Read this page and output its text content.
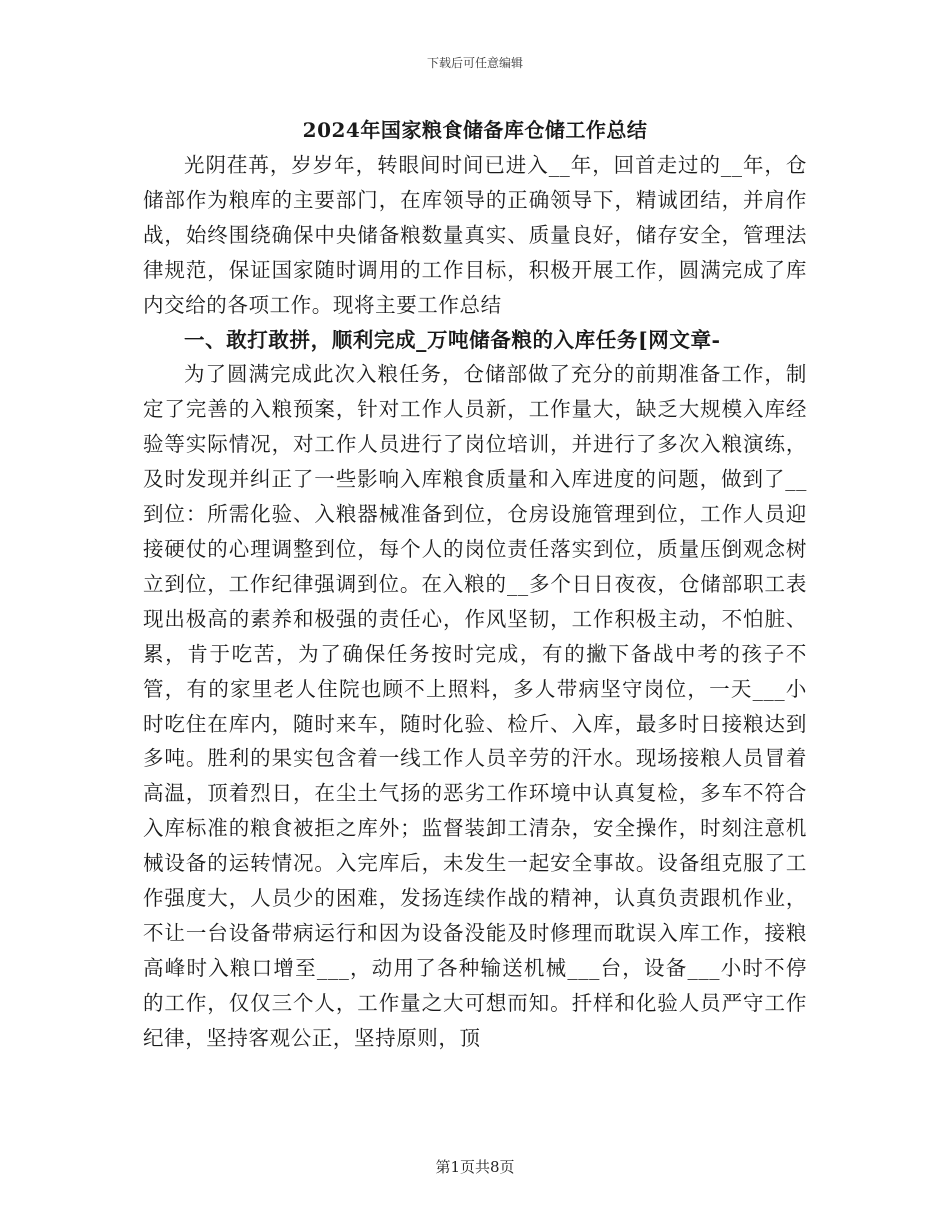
下载后可任意编辑
2024年国家粮食储备库仓储工作总结

光阴荏苒，岁岁年，转眼间时间已进入__年，回首走过的__年，仓储部作为粮库的主要部门，在库领导的正确领导下，精诚团结，并肩作战，始终围绕确保中央储备粮数量真实、质量良好，储存安全，管理法律规范，保证国家随时调用的工作目标，积极开展工作，圆满完成了库内交给的各项工作。现将主要工作总结

一、敢打敢拼，顺利完成_万吨储备粮的入库任务[网文章-

为了圆满完成此次入粮任务，仓储部做了充分的前期准备工作，制定了完善的入粮预案，针对工作人员新，工作量大，缺乏大规模入库经验等实际情况，对工作人员进行了岗位培训，并进行了多次入粮演练，及时发现并纠正了一些影响入库粮食质量和入库进度的问题，做到了__到位：所需化验、入粮器械准备到位，仓房设施管理到位，工作人员迎接硬仗的心理调整到位，每个人的岗位责任落实到位，质量压倒观念树立到位，工作纪律强调到位。在入粮的__多个日日夜夜，仓储部职工表现出极高的素养和极强的责任心，作风坚韧，工作积极主动，不怕脏、累，肯于吃苦，为了确保任务按时完成，有的撇下备战中考的孩子不管，有的家里老人住院也顾不上照料，多人带病坚守岗位，一天___小时吃住在库内，随时来车，随时化验、检斤、入库，最多时日接粮达到多吨。胜利的果实包含着一线工作人员辛劳的汗水。现场接粮人员冒着高温，顶着烈日，在尘土气扬的恶劣工作环境中认真复检，多车不符合入库标准的粮食被拒之库外；监督装卸工清杂，安全操作，时刻注意机械设备的运转情况。入完库后，未发生一起安全事故。设备组克服了工作强度大，人员少的困难，发扬连续作战的精神，认真负责跟机作业，不让一台设备带病运行和因为设备没能及时修理而耽误入库工作，接粮高峰时入粮口增至___，动用了各种输送机械___台，设备___小时不停的工作，仅仅三个人，工作量之大可想而知。扦样和化验人员严守工作纪律，坚持客观公正，坚持原则，顶

第1页共8页
